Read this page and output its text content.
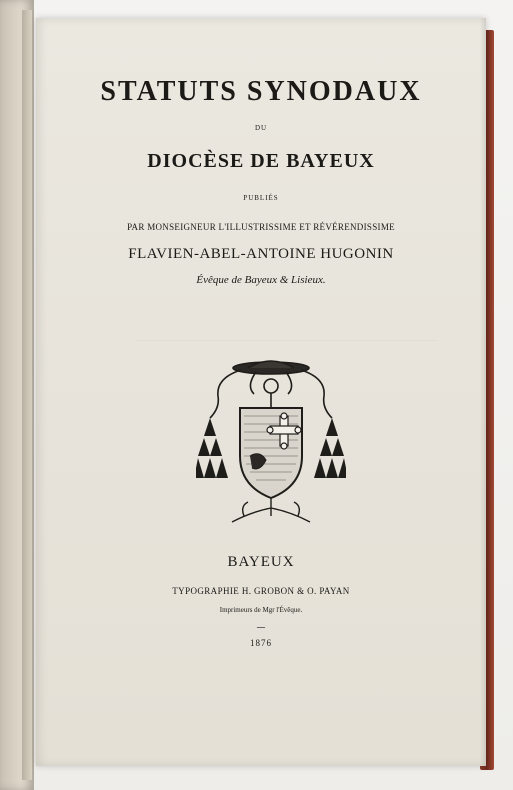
STATUTS SYNODAUX

DU

DIOCÈSE DE BAYEUX

PUBLIÉS

PAR MONSEIGNEUR L'ILLUSTRISSIME ET RÉVÉRENDISSIME

FLAVIEN-ABEL-ANTOINE HUGONIN

Évêque de Bayeux & Lisieux.

BAYEUX

TYPOGRAPHIE H. GROBON & O. PAYAN

Imprimeurs de Mgr l'Évêque.

—

1876
